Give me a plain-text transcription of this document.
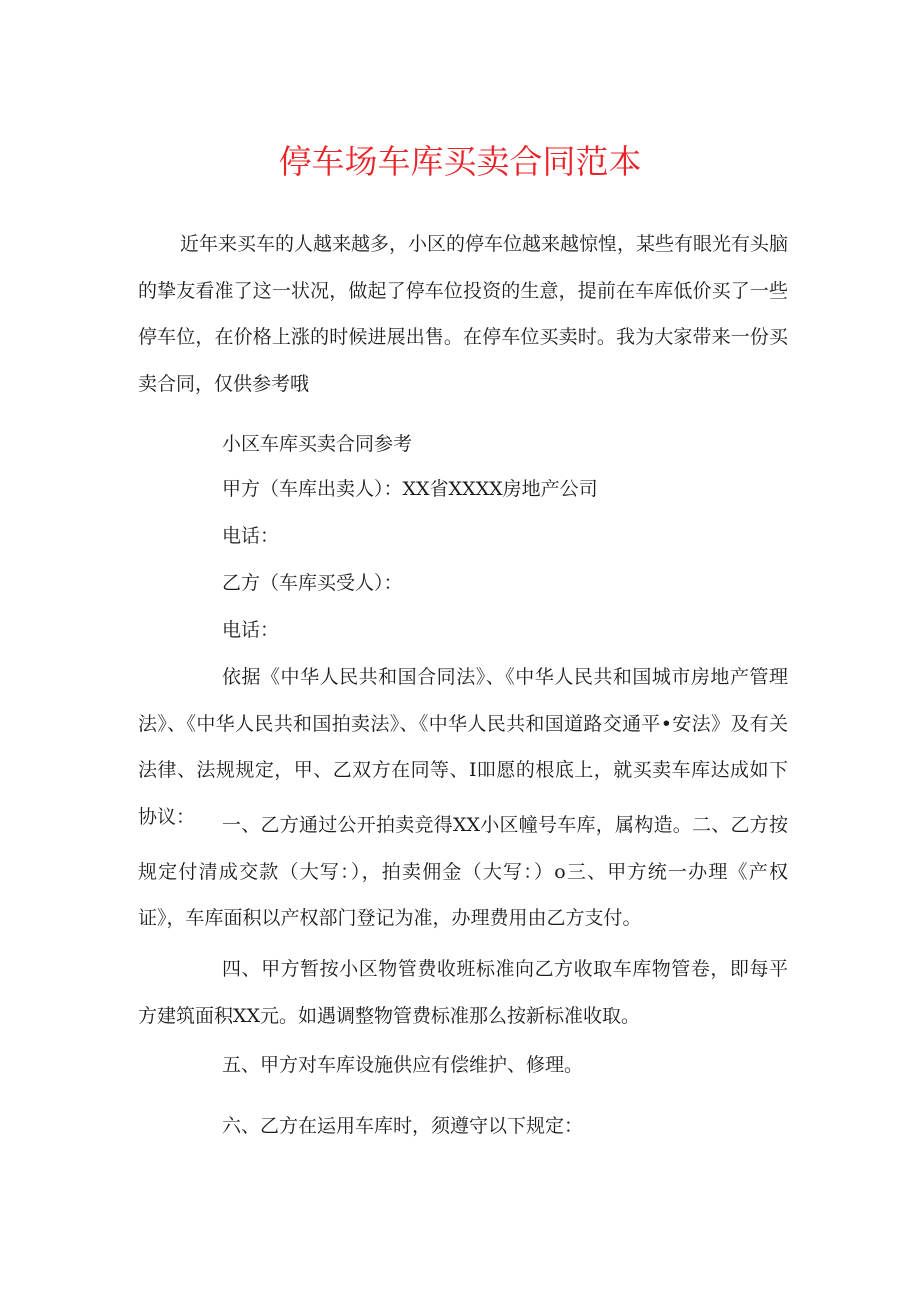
停车场车库买卖合同范本

近年来买车的人越来越多，小区的停车位越来越惊惶，某些有眼光有头脑的挚友看准了这一状况，做起了停车位投资的生意，提前在车库低价买了一些停车位，在价格上涨的时候进展出售。在停车位买卖时。我为大家带来一份买卖合同，仅供参考哦

小区车库买卖合同参考

甲方（车库出卖人）：XX省XXXX房地产公司

电话：

乙方（车库买受人）：

电话：

依据《中华人民共和国合同法》、《中华人民共和国城市房地产管理法》、《中华人民共和国拍卖法》、《中华人民共和国道路交通平•安法》及有关法律、法规规定，甲、乙双方在同等、I吅愿的根底上，就买卖车库达成如下协议：	一、乙方通过公开拍卖竞得XX小区幢号车库，属构造。二、乙方按规定付清成交款（大写：），拍卖佣金（大写：）o三、甲方统一办理《产权证》，车库面积以产权部门登记为准，办理费用由乙方支付。

四、甲方暂按小区物管费收班标准向乙方收取车库物管卷，即每平方建筑面积XX元。如遇调整物管费标准那么按新标准收取。

五、甲方对车库设施供应有偿维护、修理。

六、乙方在运用车库时，须遵守以下规定：
